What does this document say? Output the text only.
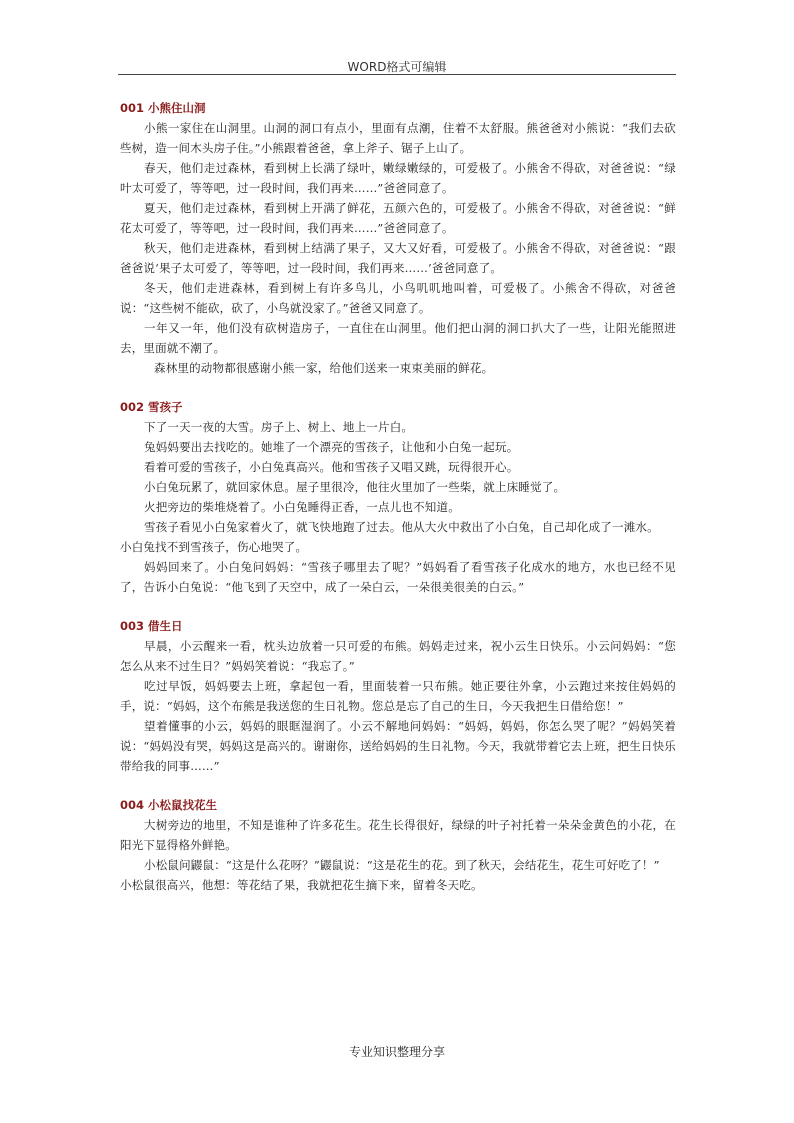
WORD格式可编辑
001 小熊住山洞

小熊一家住在山洞里。山洞的洞口有点小，里面有点潮，住着不太舒服。熊爸爸对小熊说：“我们去砍些树，造一间木头房子住。”小熊跟着爸爸，拿上斧子、锯子上山了。

春天，他们走过森林，看到树上长满了绿叶，嫩绿嫩绿的，可爱极了。小熊舍不得砍，对爸爸说：“绿叶太可爱了，等等吧，过一段时间，我们再来……”爸爸同意了。

夏天，他们走过森林，看到树上开满了鲜花，五颜六色的，可爱极了。小熊舍不得砍，对爸爸说：“鲜花太可爱了，等等吧，过一段时间，我们再来……”爸爸同意了。

秋天，他们走进森林，看到树上结满了果子，又大又好看，可爱极了。小熊舍不得砍，对爸爸说：“跟爸爸说‘果子太可爱了，等等吧，过一段时间，我们再来……’爸爸同意了。

冬天，他们走进森林，看到树上有许多鸟儿，小鸟叽叽地叫着，可爱极了。小熊舍不得砍，对爸爸说：“这些树不能砍，砍了，小鸟就没家了。”爸爸又同意了。

一年又一年，他们没有砍树造房子，一直住在山洞里。他们把山洞的洞口扒大了一些，让阳光能照进去，里面就不潮了。

森林里的动物都很感谢小熊一家，给他们送来一束束美丽的鲜花。

002 雪孩子

下了一天一夜的大雪。房子上、树上、地上一片白。

兔妈妈要出去找吃的。她堆了一个漂亮的雪孩子，让他和小白兔一起玩。

看着可爱的雪孩子，小白兔真高兴。他和雪孩子又唱又跳，玩得很开心。

小白兔玩累了，就回家休息。屋子里很冷，他往火里加了一些柴，就上床睡觉了。

火把旁边的柴堆烧着了。小白兔睡得正香，一点儿也不知道。

雪孩子看见小白兔家着火了，就飞快地跑了过去。他从大火中救出了小白兔，自己却化成了一滩水。

小白兔找不到雪孩子，伤心地哭了。

妈妈回来了。小白兔问妈妈：“雪孩子哪里去了呢？”妈妈看了看雪孩子化成水的地方，水也已经不见了，告诉小白兔说：“他飞到了天空中，成了一朵白云，一朵很美很美的白云。”

003 借生日

早晨，小云醒来一看，枕头边放着一只可爱的布熊。妈妈走过来，祝小云生日快乐。小云问妈妈：“您怎么从来不过生日？”妈妈笑着说：“我忘了。”

吃过早饭，妈妈要去上班，拿起包一看，里面装着一只布熊。她正要往外拿，小云跑过来按住妈妈的手，说：“妈妈，这个布熊是我送您的生日礼物。您总是忘了自己的生日，今天我把生日借给您！”

望着懂事的小云，妈妈的眼眶湿润了。小云不解地问妈妈：“妈妈，妈妈，你怎么哭了呢？”妈妈笑着说：“妈妈没有哭，妈妈这是高兴的。谢谢你，送给妈妈的生日礼物。今天，我就带着它去上班，把生日快乐带给我的同事……”

004 小松鼠找花生

大树旁边的地里，不知是谁种了许多花生。花生长得很好，绿绿的叶子衬托着一朵朵金黄色的小花，在阳光下显得格外鲜艳。

小松鼠问鼹鼠：“这是什么花呀？”鼹鼠说：“这是花生的花。到了秋天，会结花生，花生可好吃了！”

小松鼠很高兴，他想：等花结了果，我就把花生摘下来，留着冬天吃。

专业知识整理分享
